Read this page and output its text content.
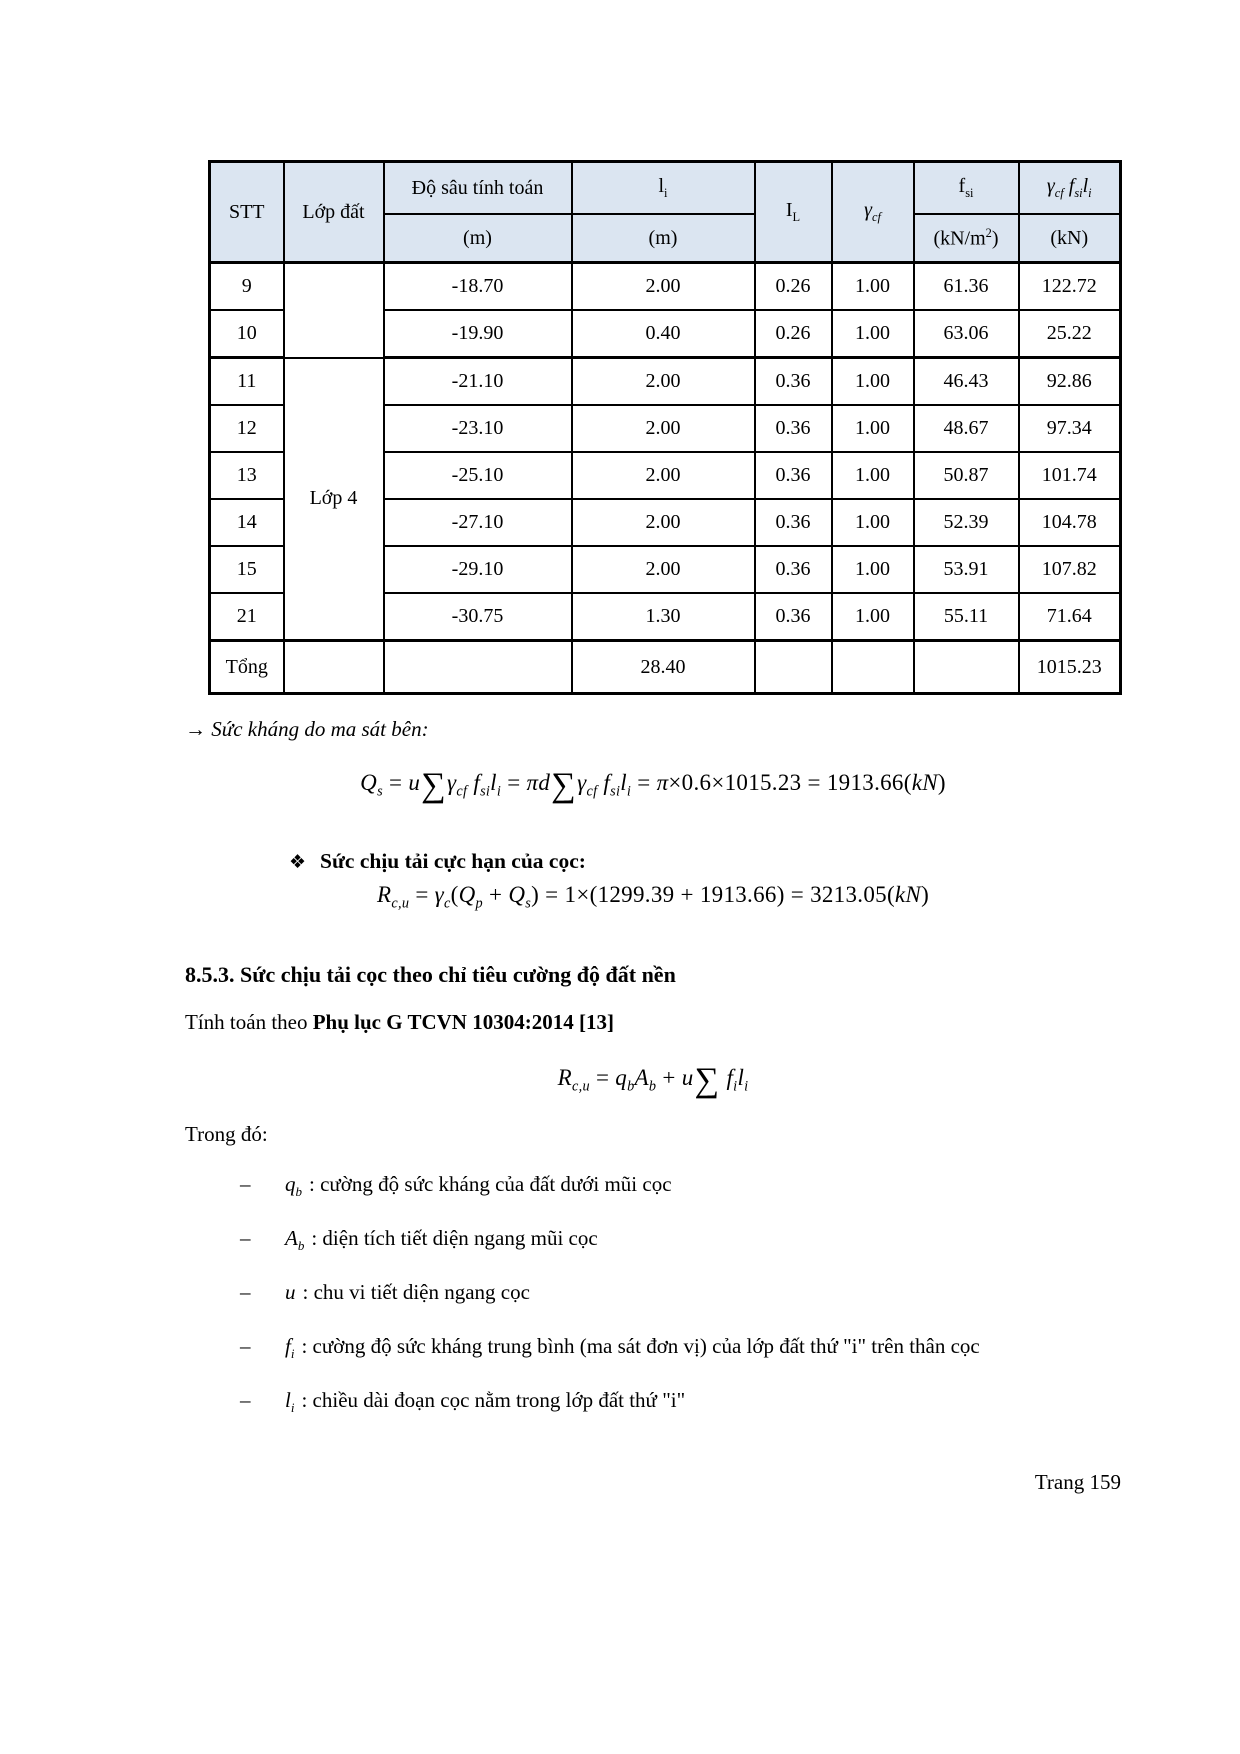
STT	Lớp đất	Độ sâu tính toán	$l_i$	$I_L$	$\gamma_{cf}$	$f_{si}$	$\gamma_{cf}$ $f_{si}l_i$
		(m)	(m)			$(kN/m^2)$	(kN)
9		-18.70	2.00	0.26	1.00	61.36	122.72
10		-19.90	0.40	0.26	1.00	63.06	25.22
11	Lớp 4	-21.10	2.00	0.36	1.00	46.43	92.86
12		-23.10	2.00	0.36	1.00	48.67	97.34
13		-25.10	2.00	0.36	1.00	50.87	101.74
14		-27.10	2.00	0.36	1.00	52.39	104.78
15		-29.10	2.00	0.36	1.00	53.91	107.82
21		-30.75	1.30	0.36	1.00	55.11	71.64
Tổng			28.40				1015.23
→ Sức kháng do ma sát bên:
$Q_s = u\sum\gamma_{cf}$ $f_{si}l_i = \pi d\sum\gamma_{cf}$ $f_{si}l_i = \pi\times 0.6\times 1015.23 = 1913.66(kN)$
❖ Sức chịu tải cực hạn của cọc:
$R_{c,u} = \gamma_c(Q_p + Q_s) = 1\times(1299.39 + 1913.66) = 3213.05(kN)$
8.5.3. Sức chịu tải cọc theo chỉ tiêu cường độ đất nền
Tính toán theo Phụ lục G TCVN 10304:2014 [13]
$R_{c,u} = q_bA_b + u\sum$ $f_il_i$
Trong đó:
– $q_b$ : cường độ sức kháng của đất dưới mũi cọc
– $A_b$ : diện tích tiết diện ngang mũi cọc
– u : chu vi tiết diện ngang cọc
– $f_i$ : cường độ sức kháng trung bình (ma sát đơn vị) của lớp đất thứ "i" trên thân cọc
– $l_i$ : chiều dài đoạn cọc nằm trong lớp đất thứ "i"
Trang 159
